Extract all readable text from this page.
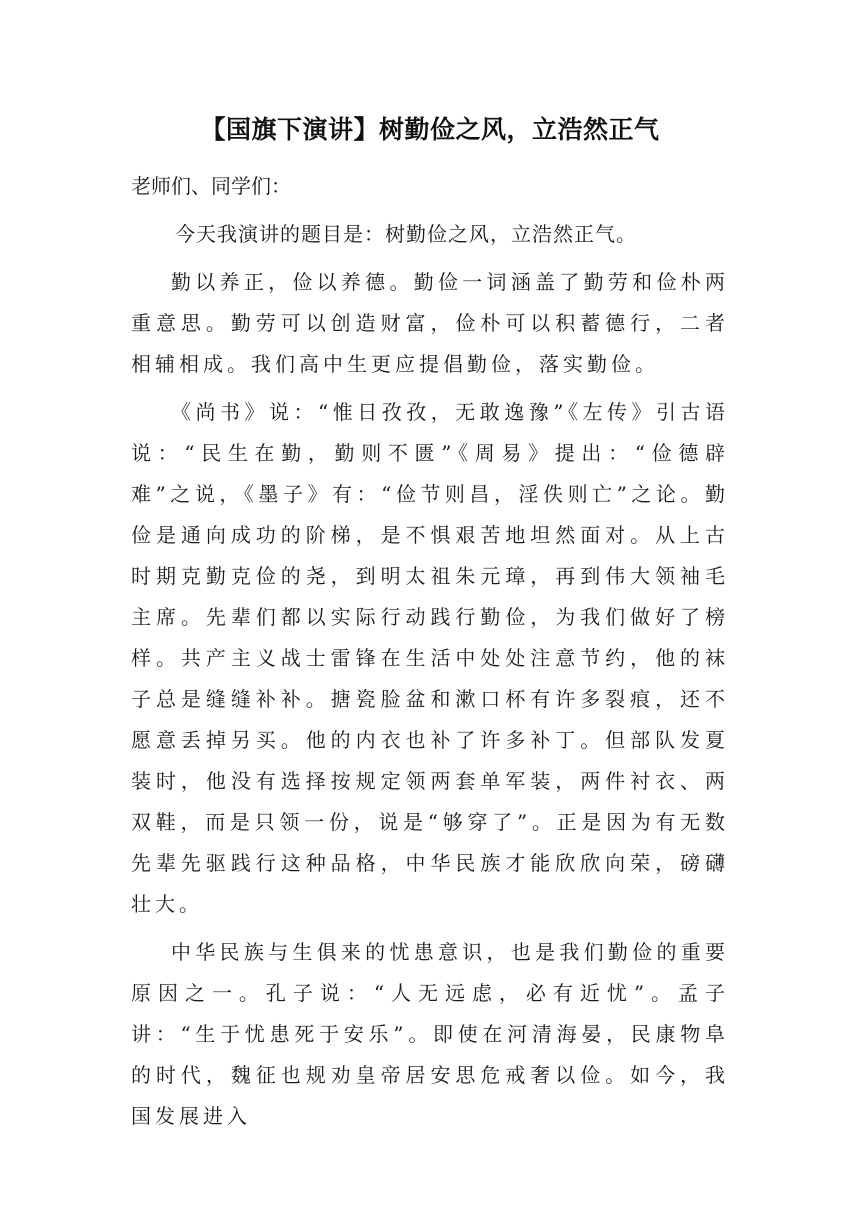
【国旗下演讲】树勤俭之风，立浩然正气

老师们、同学们：

今天我演讲的题目是：树勤俭之风，立浩然正气。

勤以养正，俭以养德。勤俭一词涵盖了勤劳和俭朴两重意思。勤劳可以创造财富，俭朴可以积蓄德行，二者相辅相成。我们高中生更应提倡勤俭，落实勤俭。

《尚书》说：“惟日孜孜，无敢逸豫”《左传》引古语说：“民生在勤，勤则不匮”《周易》提出：“俭德辟难”之说，《墨子》有：“俭节则昌，淫佚则亡”之论。勤俭是通向成功的阶梯，是不惧艰苦地坦然面对。从上古时期克勤克俭的尧，到明太祖朱元璋，再到伟大领袖毛主席。先辈们都以实际行动践行勤俭，为我们做好了榜样。共产主义战士雷锋在生活中处处注意节约，他的袜子总是缝缝补补。搪瓷脸盆和漱口杯有许多裂痕，还不愿意丢掉另买。他的内衣也补了许多补丁。但部队发夏装时，他没有选择按规定领两套单军装，两件衬衣、两双鞋，而是只领一份，说是“够穿了”。正是因为有无数先辈先驱践行这种品格，中华民族才能欣欣向荣，磅礴壮大。

中华民族与生俱来的忧患意识，也是我们勤俭的重要原因之一。孔子说：“人无远虑，必有近忧”。孟子讲：“生于忧患死于安乐”。即使在河清海晏，民康物阜的时代，魏征也规劝皇帝居安思危戒奢以俭。如今，我国发展进入
